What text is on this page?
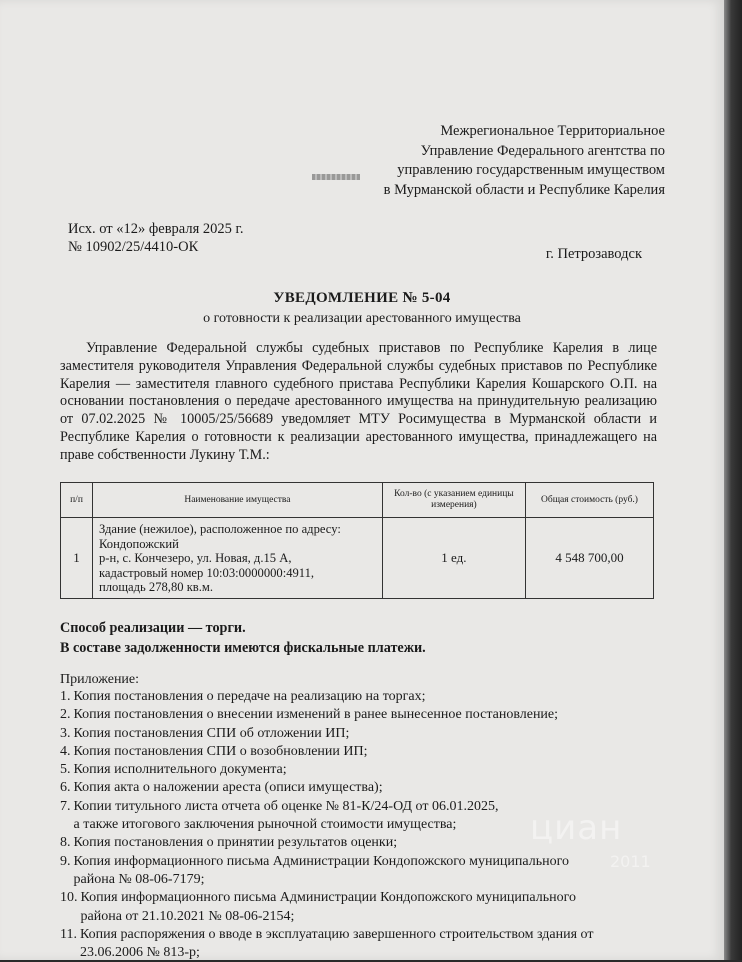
Межрегиональное Территориальное
Управление Федерального агентства по
управлению государственным имуществом
в Мурманской области и Республике Карелия
Исх. от «12» февраля 2025 г.
№ 10902/25/4410-ОК	г. Петрозаводск
УВЕДОМЛЕНИЕ № 5-04
о готовности к реализации арестованного имущества
Управление Федеральной службы судебных приставов по Республике Карелия в лице заместителя руководителя Управления Федеральной службы судебных приставов по Республике Карелия — заместителя главного судебного пристава Республики Карелия Кошарского О.П. на основании постановления о передаче арестованного имущества на принудительную реализацию от 07.02.2025 № 10005/25/56689 уведомляет МТУ Росимущества в Мурманской области и Республике Карелия о готовности к реализации арестованного имущества, принадлежащего на праве собственности Лукину Т.М.:
п/п	Наименование имущества	Кол-во (с указанием единицы измерения)	Общая стоимость (руб.)
1	Здание (нежилое), расположенное по адресу:
Кондопожский
р-н, с. Кончезеро, ул. Новая, д.15 А,
кадастровый номер 10:03:0000000:4911,
площадь 278,80 кв.м.	1 ед.	4 548 700,00
Способ реализации — торги.
В составе задолженности имеются фискальные платежи.
Приложение:
1. Копия постановления о передаче на реализацию на торгах;
2. Копия постановления о внесении изменений в ранее вынесенное постановление;
3. Копия постановления СПИ об отложении ИП;
4. Копия постановления СПИ о возобновлении ИП;
5. Копия исполнительного документа;
6. Копия акта о наложении ареста (описи имущества);
7. Копии титульного листа отчета об оценке № 81-К/24-ОД от 06.01.2025,
а также итогового заключения рыночной стоимости имущества;
8. Копия постановления о принятии результатов оценки;
9. Копия информационного письма Администрации Кондопожского муниципального
района № 08-06-7179;
10. Копия информационного письма Администрации Кондопожского муниципального
района от 21.10.2021 № 08-06-2154;
11. Копия распоряжения о вводе в эксплуатацию завершенного строительством здания от
23.06.2006 № 813-р;
циан
2011
